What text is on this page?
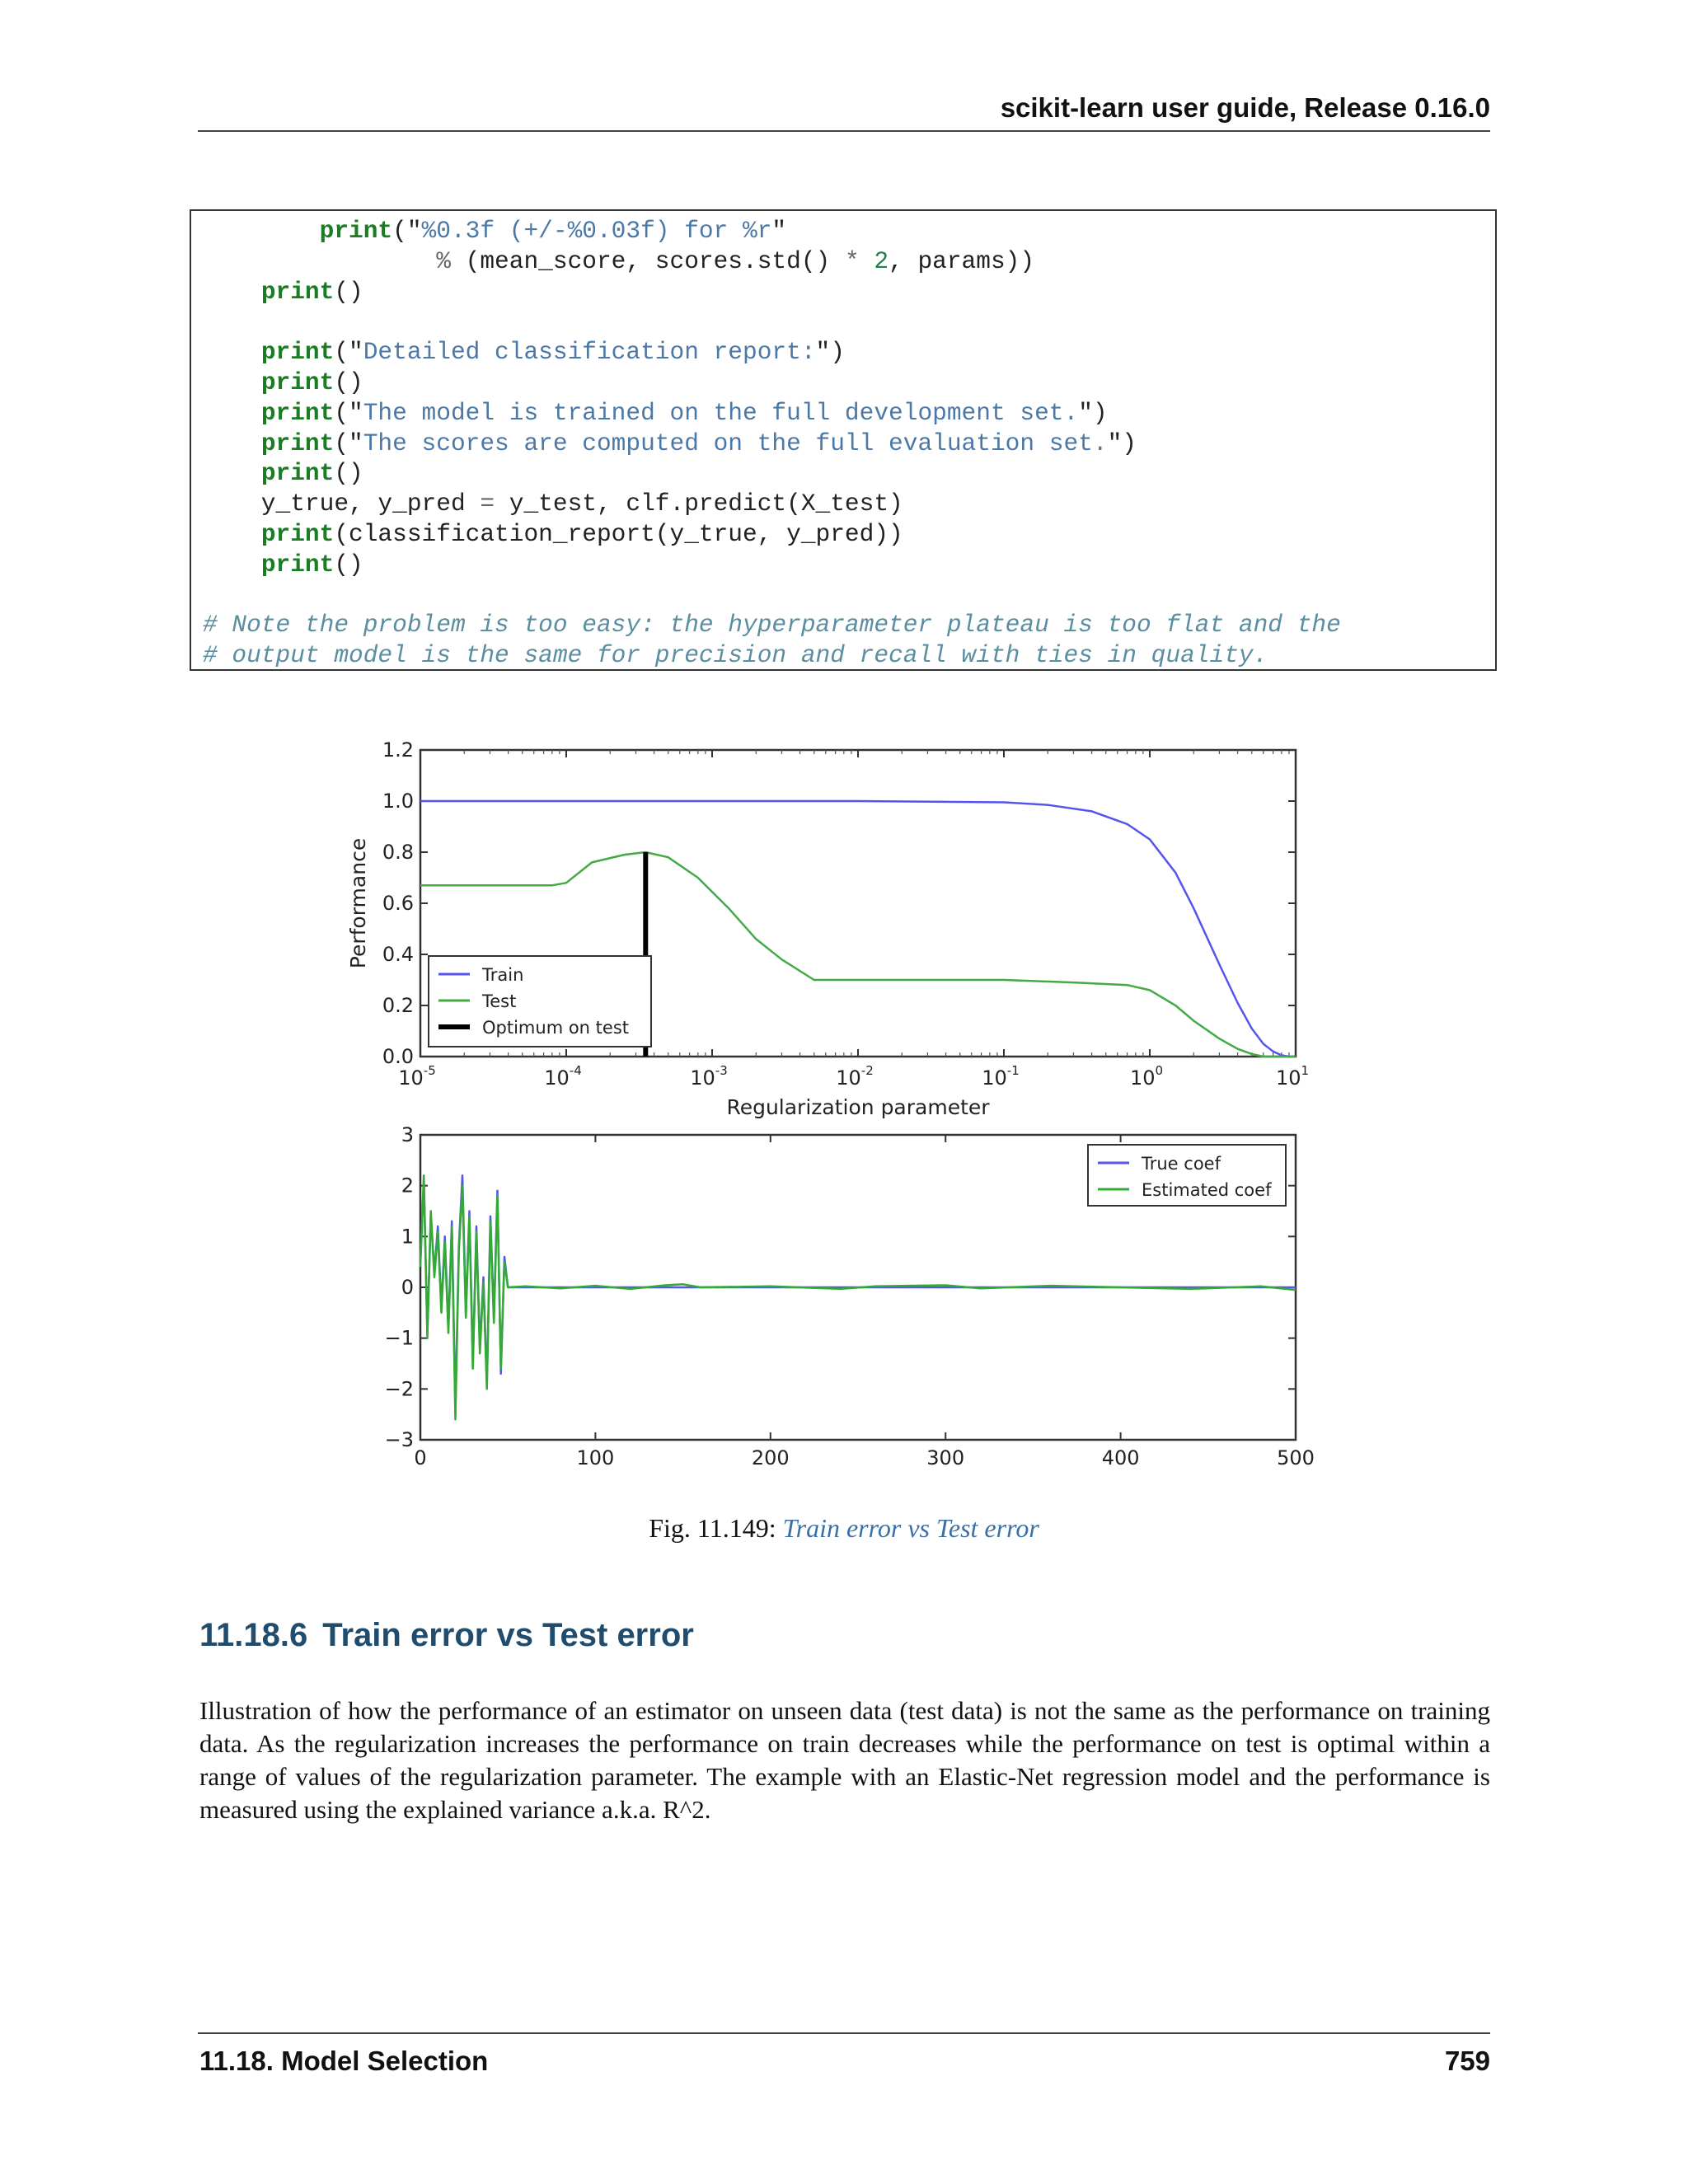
scikit-learn user guide, Release 0.16.0
print("%0.3f (+/-%0.03f) for %r"
% (mean_score, scores.std() * 2, params))
print()
print("Detailed classification report:")
print()
print("The model is trained on the full development set.")
print("The scores are computed on the full evaluation set.")
print()
y_true, y_pred = y_test, clf.predict(X_test)
print(classification_report(y_true, y_pred))
print()
# Note the problem is too easy: the hyperparameter plateau is too flat and the
# output model is the same for precision and recall with ties in quality.
$10^{-5}$	$10^{-4}$	$10^{-3}$	$10^{-2}$	$10^{-1}$	$10^0$	$10^1$
0.0
0.2
0.4
0.6
0.8
1.0
1.2
Regularization parameter
Performance
Train
Test
Optimum on test
0	100	200	300	400	500
−3
−2
−1
0
1
2
3
True coef
Estimated coef
Fig. 11.149: Train error vs Test error
11.18.6 Train error vs Test error

Illustration of how the performance of an estimator on unseen data (test data) is not the same as the performance on training data. As the regularization increases the performance on train decreases while the performance on test is optimal within a range of values of the regularization parameter. The example with an Elastic-Net regression model and the performance is measured using the explained variance a.k.a. R^2.

11.18. Model Selection	759
